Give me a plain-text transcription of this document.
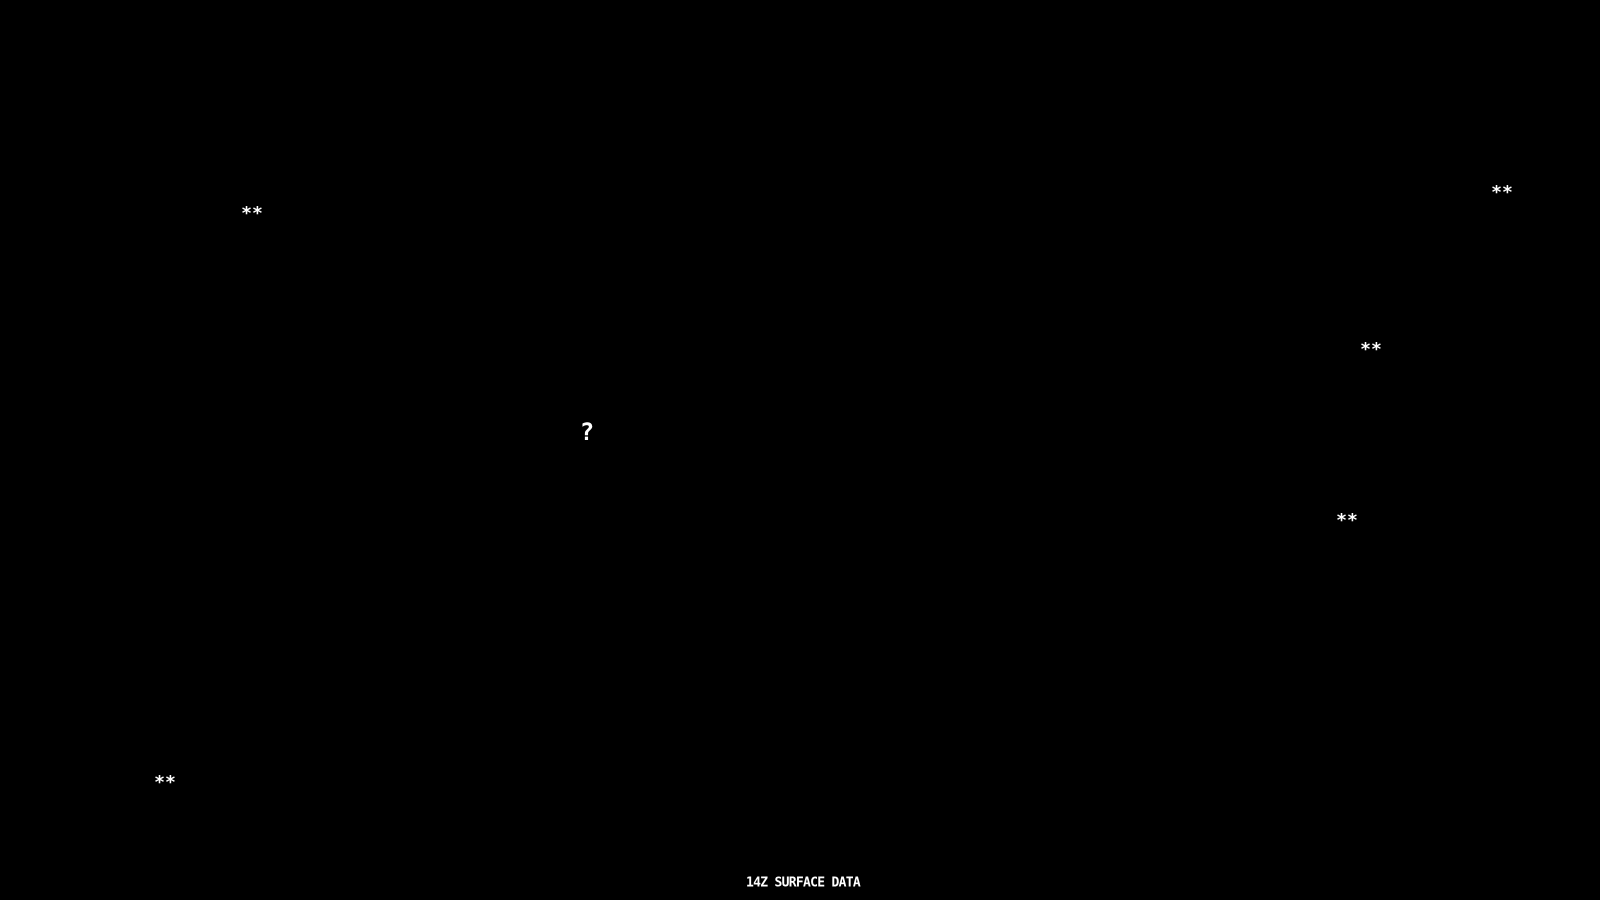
**
**
**
?
**
**
14Z SURFACE DATA
